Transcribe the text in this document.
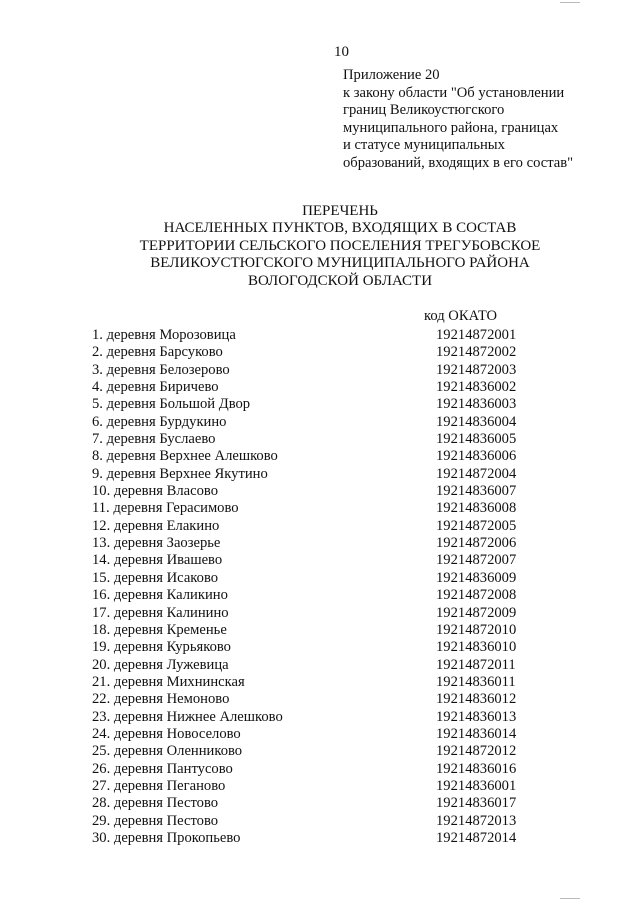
10
Приложение 20
к закону области "Об установлении
границ Великоустюгского
муниципального района, границах
и статусе муниципальных
образований, входящих в его состав"
ПЕРЕЧЕНЬ
НАСЕЛЕННЫХ ПУНКТОВ, ВХОДЯЩИХ В СОСТАВ
ТЕРРИТОРИИ СЕЛЬСКОГО ПОСЕЛЕНИЯ ТРЕГУБОВСКОЕ
ВЕЛИКОУСТЮГСКОГО МУНИЦИПАЛЬНОГО РАЙОНА
ВОЛОГОДСКОЙ ОБЛАСТИ
код ОКАТО
1. деревня Морозовица	19214872001
2. деревня Барсуково	19214872002
3. деревня Белозерово	19214872003
4. деревня Биричево	19214836002
5. деревня Большой Двор	19214836003
6. деревня Бурдукино	19214836004
7. деревня Буслаево	19214836005
8. деревня Верхнее Алешково	19214836006
9. деревня Верхнее Якутино	19214872004
10. деревня Власово	19214836007
11. деревня Герасимово	19214836008
12. деревня Елакино	19214872005
13. деревня Заозерье	19214872006
14. деревня Ивашево	19214872007
15. деревня Исаково	19214836009
16. деревня Каликино	19214872008
17. деревня Калинино	19214872009
18. деревня Кременье	19214872010
19. деревня Курьяково	19214836010
20. деревня Лужевица	19214872011
21. деревня Михнинская	19214836011
22. деревня Немоново	19214836012
23. деревня Нижнее Алешково	19214836013
24. деревня Новоселово	19214836014
25. деревня Оленниково	19214872012
26. деревня Пантусово	19214836016
27. деревня Пеганово	19214836001
28. деревня Пестово	19214836017
29. деревня Пестово	19214872013
30. деревня Прокопьево	19214872014
